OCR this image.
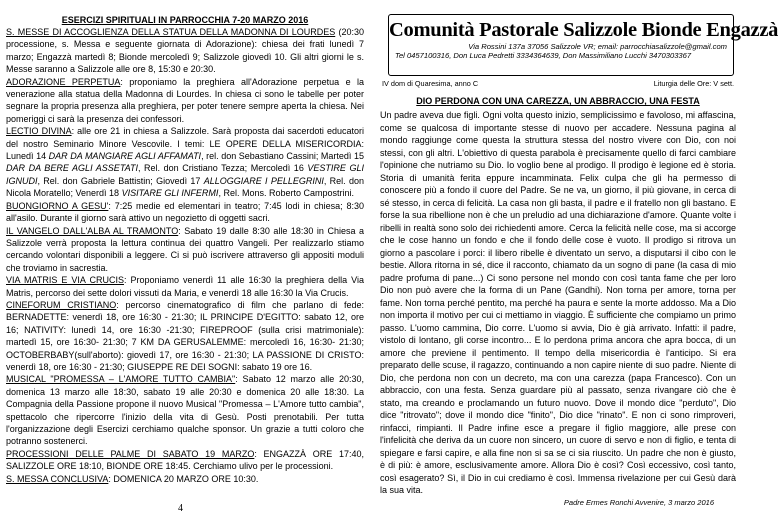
ESERCIZI SPIRITUALI IN PARROCCHIA 7-20 MARZO 2016

S. MESSE DI ACCOGLIENZA DELLA STATUA DELLA MADONNA DI LOURDES (20:30 processione, s. Messa e seguente giornata di Adorazione): chiesa dei frati lunedì 7 marzo; Engazzà martedì 8; Bionde mercoledì 9; Salizzole giovedì 10. Gli altri giorni le s. Messe saranno a Salizzole alle ore 8, 15:30 e 20:30.

ADORAZIONE PERPETUA: proponiamo la preghiera all'Adorazione perpetua e la venerazione alla statua della Madonna di Lourdes. In chiesa ci sono le tabelle per poter segnare la propria presenza alla preghiera, per poter tenere sempre aperta la chiesa. Nei pomeriggi ci sarà la presenza dei confessori.

LECTIO DIVINA: alle ore 21 in chiesa a Salizzole. Sarà proposta dai sacerdoti educatori del nostro Seminario Minore Vescovile. I temi: LE OPERE DELLA MISERICORDIA: Lunedì 14 DAR DA MANGIARE AGLI AFFAMATI, rel. don Sebastiano Cassini; Martedì 15 DAR DA BERE AGLI ASSETATI, Rel. don Cristiano Tezza; Mercoledì 16 VESTIRE GLI IGNUDI, Rel. don Gabriele Battistin; Giovedì 17 ALLOGGIARE I PELLEGRINI, Rel. don Nicola Moratello; Venerdì 18 VISITARE GLI INFERMI, Rel. Mons. Roberto Campostrini.

BUONGIORNO A GESU': 7:25 medie ed elementari in teatro; 7:45 lodi in chiesa; 8:30 all'asilo. Durante il giorno sarà attivo un negozietto di oggetti sacri.

IL VANGELO DALL'ALBA AL TRAMONTO: Sabato 19 dalle 8:30 alle 18:30 in Chiesa a Salizzole verrà proposta la lettura continua dei quattro Vangeli. Per realizzarlo stiamo cercando volontari disponibili a leggere. Ci si può iscrivere attraverso gli appositi moduli che troviamo in sacrestia.

VIA MATRIS E VIA CRUCIS: Proponiamo venerdì 11 alle 16:30 la preghiera della Via Matris, percorso dei sette dolori vissuti da Maria, e venerdì 18 alle 16:30 la Via Crucis.

CINEFORUM CRISTIANO: percorso cinematografico di film che parlano di fede: BERNADETTE: venerdì 18, ore 16:30 - 21:30; IL PRINCIPE D'EGITTO: sabato 12, ore 16; NATIVITY: lunedì 14, ore 16:30 -21:30; FIREPROOF (sulla crisi matrimoniale): martedì 15, ore 16:30- 21:30; 7 KM DA GERUSALEMME: mercoledì 16, 16:30- 21:30; OCTOBERBABY(sull'aborto): giovedì 17, ore 16:30 - 21:30; LA PASSIONE DI CRISTO: venerdì 18, ore 16:30 - 21:30; GIUSEPPE RE DEI SOGNI: sabato 19 ore 16.

MUSICAL "PROMESSA – L'AMORE TUTTO CAMBIA": Sabato 12 marzo alle 20:30, domenica 13 marzo alle 18:30, sabato 19 alle 20:30 e domenica 20 alle 18:30. La Compagnia della Passione propone il nuovo Musical "Promessa – L'Amore tutto cambia", spettacolo che ripercorre l'inizio della vita di Gesù. Posti prenotabili. Per tutta l'organizzazione degli Esercizi cerchiamo qualche sponsor. Un grazie a tutti coloro che potranno sostenerci.

PROCESSIONI DELLE PALME DI SABATO 19 MARZO: ENGAZZÀ ORE 17:40, SALIZZOLE ORE 18:10, BIONDE ORE 18:45. Cerchiamo ulivo per le processioni.

S. MESSA CONCLUSIVA: DOMENICA 20 MARZO ORE 10:30.

4
Comunità Pastorale Salizzole Bionde Engazzà
Via Rossini 137a 37056 Salizzole VR; email: parrocchiasalizzole@gmail.com
Tel 0457100316, Don Luca Pedretti 3334364639, Don Massimiliano Lucchi 3470303367
IV dom di Quaresima, anno C	Liturgia delle Ore: V sett.
DIO PERDONA CON UNA CAREZZA, UN ABBRACCIO, UNA FESTA
Un padre aveva due figli. Ogni volta questo inizio, semplicissimo e favoloso, mi affascina, come se qualcosa di importante stesse di nuovo per accadere. Nessuna pagina al mondo raggiunge come questa la struttura stessa del nostro vivere con Dio, con noi stessi, con gli altri. L'obiettivo di questa parabola è precisamente quello di farci cambiare l'opinione che nutriamo su Dio. Io voglio bene al prodigo. Il prodigo è legione ed è storia. Storia di umanità ferita eppure incamminata. Felix culpa che gli ha permesso di conoscere più a fondo il cuore del Padre. Se ne va, un giorno, il più giovane, in cerca di sé stesso, in cerca di felicità. La casa non gli basta, il padre e il fratello non gli bastano. E forse la sua ribellione non è che un preludio ad una dichiarazione d'amore. Quante volte i ribelli in realtà sono solo dei richiedenti amore. Cerca la felicità nelle cose, ma si accorge che le cose hanno un fondo e che il fondo delle cose è vuoto. Il prodigo si ritrova un giorno a pascolare i porci: il libero ribelle è diventato un servo, a disputarsi il cibo con le bestie. Allora ritorna in sé, dice il racconto, chiamato da un sogno di pane (la casa di mio padre profuma di pane...) Ci sono persone nel mondo con così tanta fame che per loro Dio non può avere che la forma di un Pane (Gandhi). Non torna per amore, torna per fame. Non torna perché pentito, ma perché ha paura e sente la morte addosso. Ma a Dio non importa il motivo per cui ci mettiamo in viaggio. È sufficiente che compiamo un primo passo. L'uomo cammina, Dio corre. L'uomo si avvia, Dio è già arrivato. Infatti: il padre, vistolo di lontano, gli corse incontro... E lo perdona prima ancora che apra bocca, di un amore che previene il pentimento. Il tempo della misericordia è l'anticipo. Si era preparato delle scuse, il ragazzo, continuando a non capire niente di suo padre. Niente di Dio, che perdona non con un decreto, ma con una carezza (papa Francesco). Con un abbraccio, con una festa. Senza guardare più al passato, senza rivangare ciò che è stato, ma creando e proclamando un futuro nuovo. Dove il mondo dice "perduto", Dio dice "ritrovato"; dove il mondo dice "finito", Dio dice "rinato". E non ci sono rimproveri, rinfacci, rimpianti. Il Padre infine esce a pregare il figlio maggiore, alle prese con l'infelicità che deriva da un cuore non sincero, un cuore di servo e non di figlio, e tenta di spiegare e farsi capire, e alla fine non si sa se ci sia riuscito. Un padre che non è giusto, è di più: è amore, esclusivamente amore. Allora Dio è così? Così eccessivo, così tanto, così esagerato? Sì, il Dio in cui crediamo è così. Immensa rivelazione per cui Gesù darà la sua vita.
Padre Ermes Ronchi Avvenire, 3 marzo 2016
